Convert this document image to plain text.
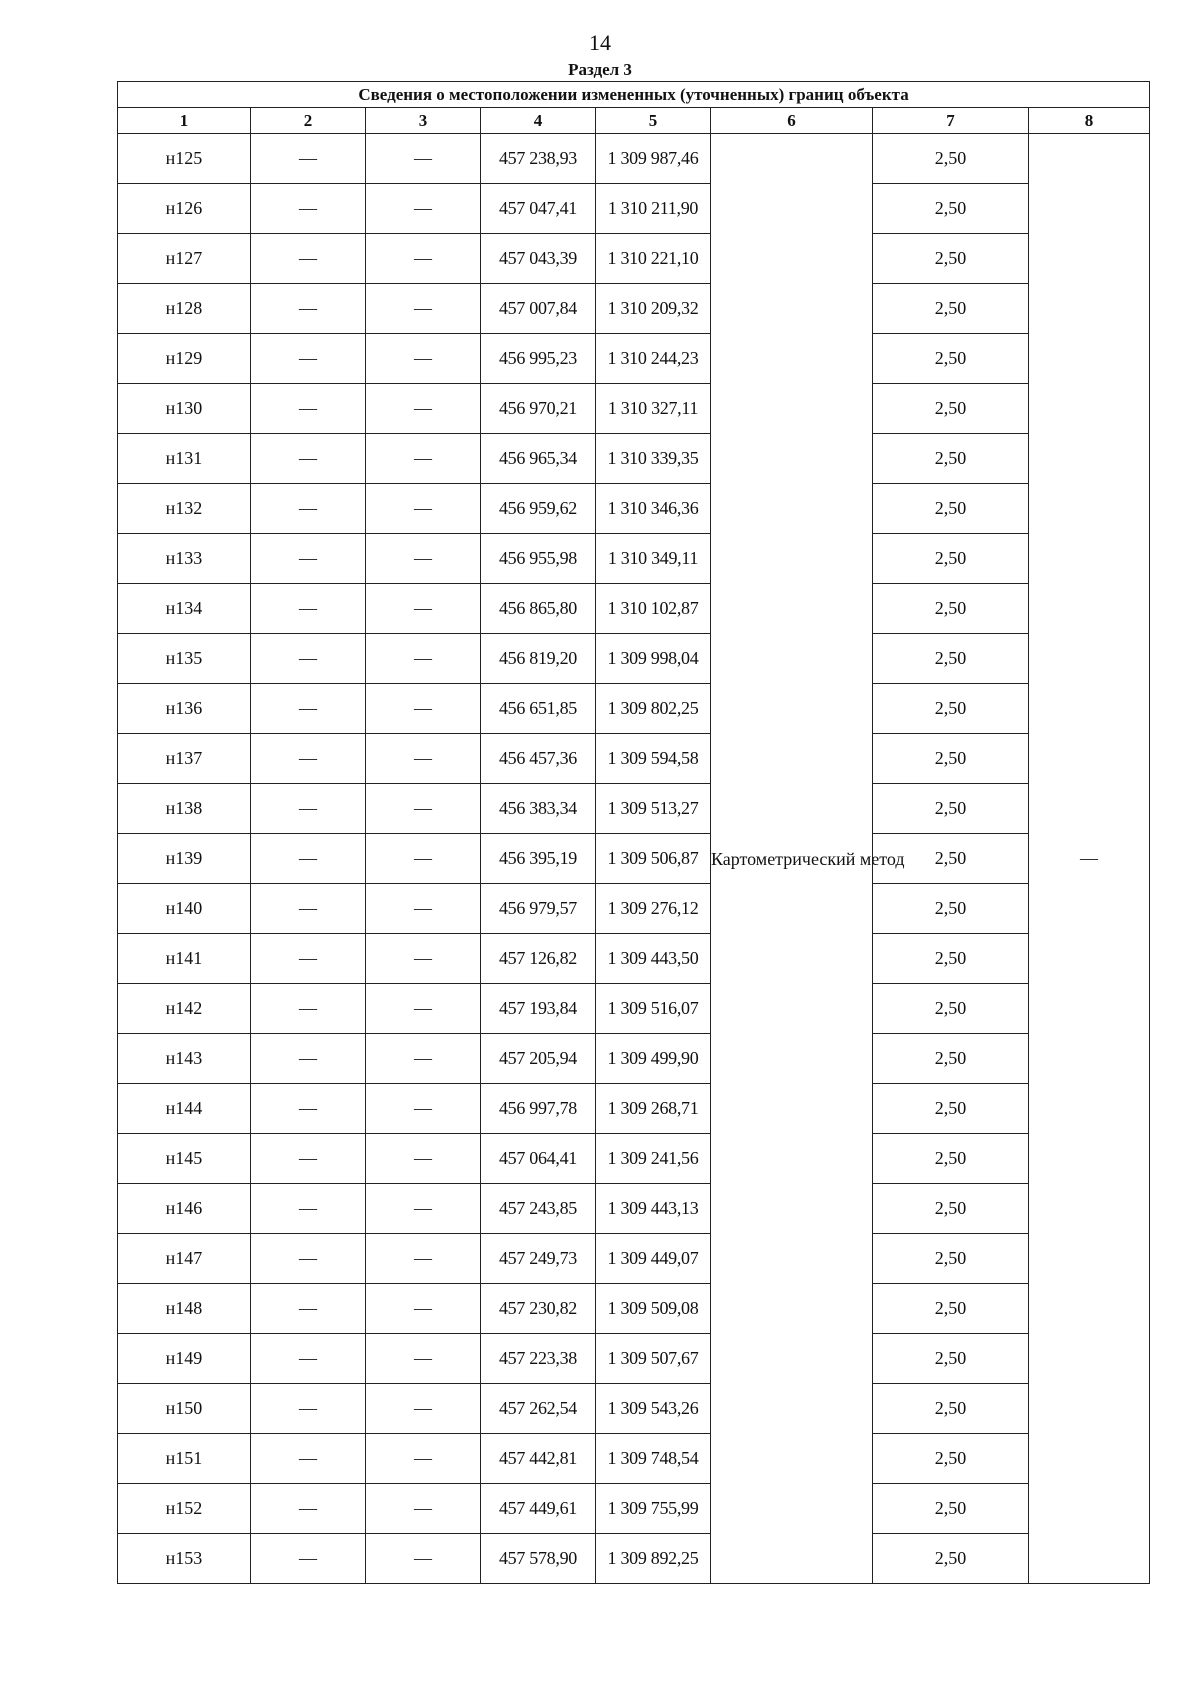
14
Раздел 3
Сведения о местоположении измененных (уточненных) границ объекта							
1	2	3	4	5	6	7	8
н125	—	—	457 238,93	1 309 987,46	Картометрический метод	2,50	—
н126	—	—	457 047,41	1 310 211,90		2,50	
н127	—	—	457 043,39	1 310 221,10		2,50	
н128	—	—	457 007,84	1 310 209,32		2,50	
н129	—	—	456 995,23	1 310 244,23		2,50	
н130	—	—	456 970,21	1 310 327,11		2,50	
н131	—	—	456 965,34	1 310 339,35		2,50	
н132	—	—	456 959,62	1 310 346,36		2,50	
н133	—	—	456 955,98	1 310 349,11		2,50	
н134	—	—	456 865,80	1 310 102,87		2,50	
н135	—	—	456 819,20	1 309 998,04		2,50	
н136	—	—	456 651,85	1 309 802,25		2,50	
н137	—	—	456 457,36	1 309 594,58		2,50	
н138	—	—	456 383,34	1 309 513,27		2,50	
н139	—	—	456 395,19	1 309 506,87		2,50	
н140	—	—	456 979,57	1 309 276,12		2,50	
н141	—	—	457 126,82	1 309 443,50		2,50	
н142	—	—	457 193,84	1 309 516,07		2,50	
н143	—	—	457 205,94	1 309 499,90		2,50	
н144	—	—	456 997,78	1 309 268,71		2,50	
н145	—	—	457 064,41	1 309 241,56		2,50	
н146	—	—	457 243,85	1 309 443,13		2,50	
н147	—	—	457 249,73	1 309 449,07		2,50	
н148	—	—	457 230,82	1 309 509,08		2,50	
н149	—	—	457 223,38	1 309 507,67		2,50	
н150	—	—	457 262,54	1 309 543,26		2,50	
н151	—	—	457 442,81	1 309 748,54		2,50	
н152	—	—	457 449,61	1 309 755,99		2,50	
н153	—	—	457 578,90	1 309 892,25		2,50	
